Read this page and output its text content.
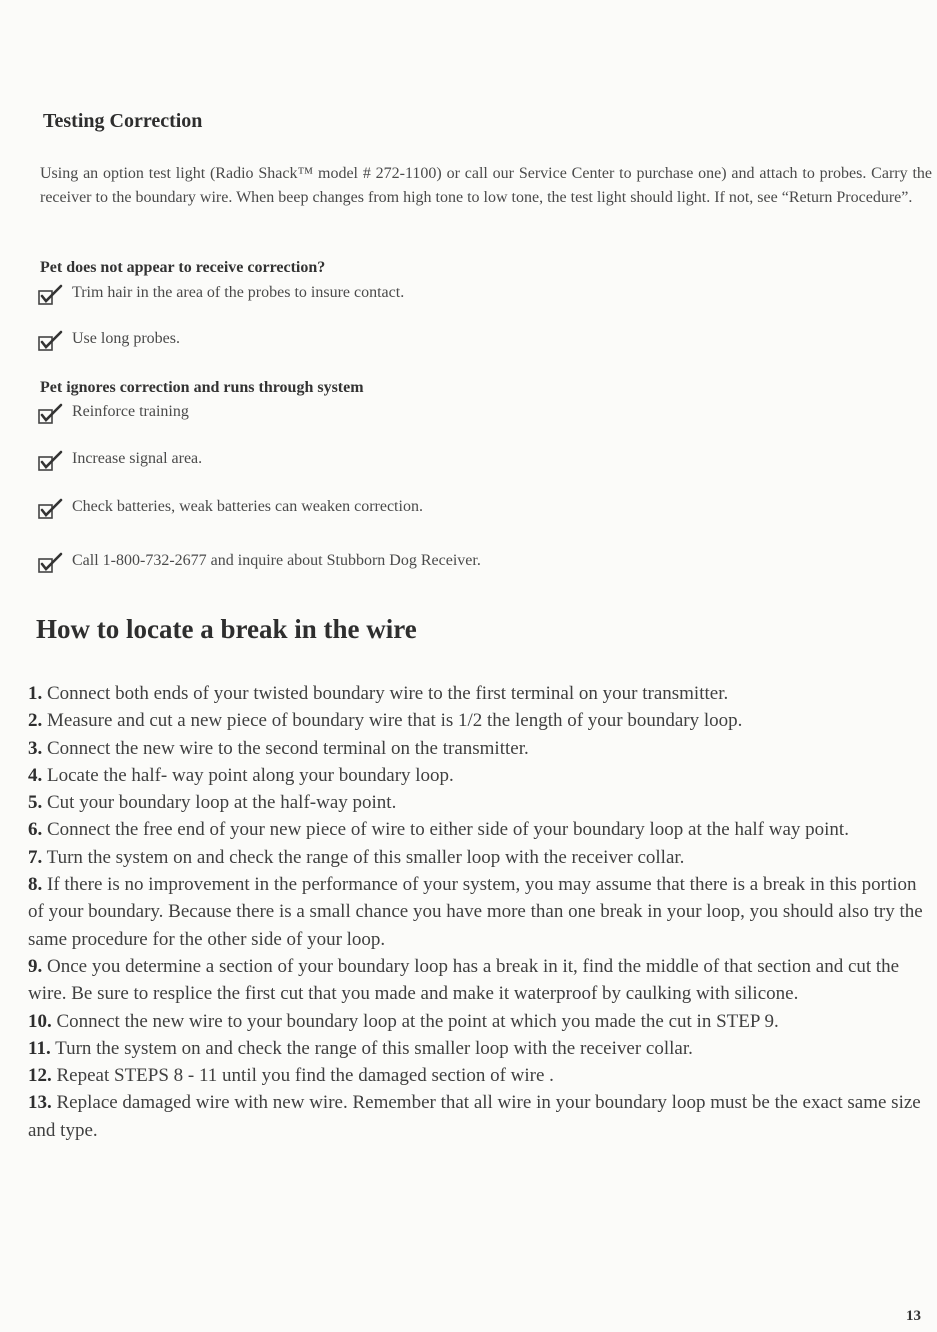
Testing Correction
Using an option test light (Radio Shack™ model # 272-1100) or call our Service Center to purchase one) and attach to probes. Carry the receiver to the boundary wire. When beep changes from high tone to low tone, the test light should light. If not, see “Return Procedure”.
Pet does not appear to receive correction?
Trim hair in the area of the probes to insure contact.
Use long probes.
Pet ignores correction and runs through system
Reinforce training
Increase signal area.
Check batteries, weak batteries can weaken correction.
Call 1-800-732-2677 and inquire about Stubborn Dog Receiver.
How to locate a break in the wire

1. Connect both ends of your twisted boundary wire to the first terminal on your transmitter.

2. Measure and cut a new piece of boundary wire that is 1/2 the length of your boundary loop.

3. Connect the new wire to the second terminal on the transmitter.

4. Locate the half- way point along your boundary loop.

5. Cut your boundary loop at the half-way point.

6. Connect the free end of your new piece of wire to either side of your boundary loop at the half way point.

7. Turn the system on and check the range of this smaller loop with the receiver collar.

8. If there is no improvement in the performance of your system, you may assume that there is a break in this portion of your boundary. Because there is a small chance you have more than one break in your loop, you should also try the same procedure for the other side of your loop.

9. Once you determine a section of your boundary loop has a break in it, find the middle of that section and cut the wire. Be sure to resplice the first cut that you made and make it waterproof by caulking with silicone.

10. Connect the new wire to your boundary loop at the point at which you made the cut in STEP 9.

11. Turn the system on and check the range of this smaller loop with the receiver collar.

12. Repeat STEPS 8 - 11 until you find the damaged section of wire .

13. Replace damaged wire with new wire. Remember that all wire in your boundary loop must be the exact same size and type.

13
